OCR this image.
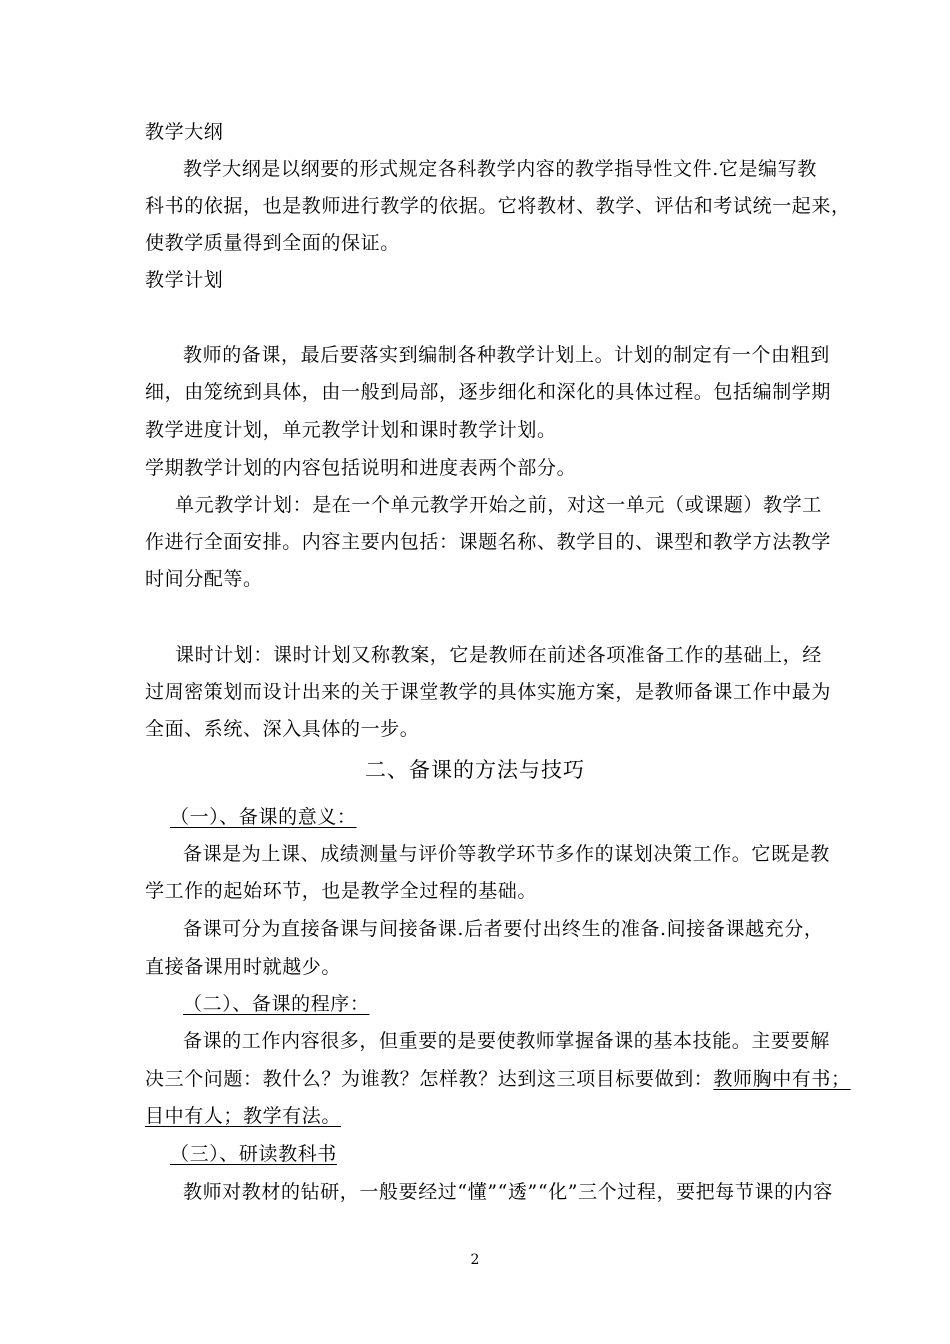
教学大纲
教学大纲是以纲要的形式规定各科教学内容的教学指导性文件.它是编写教
科书的依据，也是教师进行教学的依据。它将教材、教学、评估和考试统一起来，
使教学质量得到全面的保证。
教学计划
教师的备课，最后要落实到编制各种教学计划上。计划的制定有一个由粗到
细，由笼统到具体，由一般到局部，逐步细化和深化的具体过程。包括编制学期
教学进度计划，单元教学计划和课时教学计划。
学期教学计划的内容包括说明和进度表两个部分。
单元教学计划：是在一个单元教学开始之前，对这一单元（或课题）教学工
作进行全面安排。内容主要内包括：课题名称、教学目的、课型和教学方法教学
时间分配等。
课时计划：课时计划又称教案，它是教师在前述各项准备工作的基础上，经
过周密策划而设计出来的关于课堂教学的具体实施方案，是教师备课工作中最为
全面、系统、深入具体的一步。
二、备课的方法与技巧
（一）、备课的意义：
备课是为上课、成绩测量与评价等教学环节多作的谋划决策工作。它既是教
学工作的起始环节，也是教学全过程的基础。
备课可分为直接备课与间接备课.后者要付出终生的准备.间接备课越充分，
直接备课用时就越少。
（二）、备课的程序：
备课的工作内容很多，但重要的是要使教师掌握备课的基本技能。主要要解
决三个问题：教什么？为谁教？怎样教？达到这三项目标要做到：教师胸中有书；
目中有人；教学有法。
（三）、研读教科书
教师对教材的钻研，一般要经过“懂”“透”“化”三个过程，要把每节课的内容
2
